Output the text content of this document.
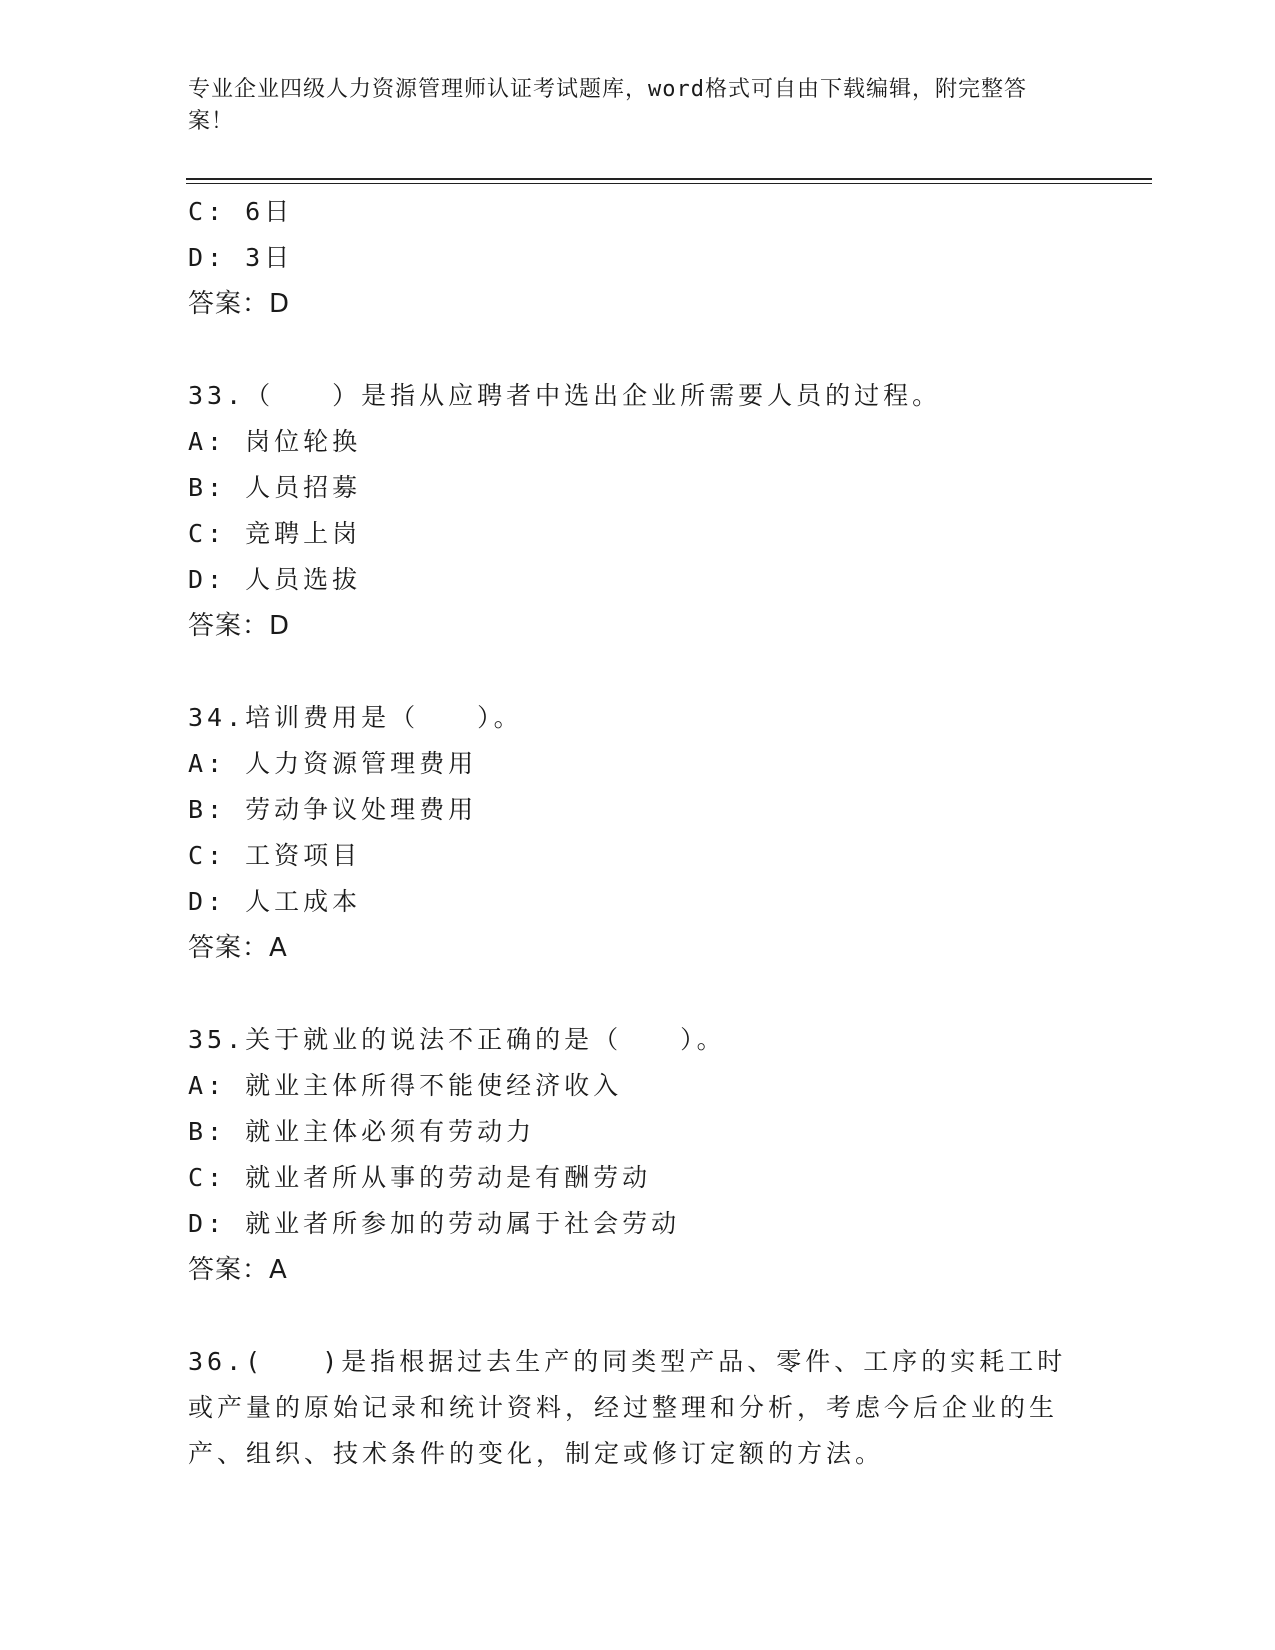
专业企业四级人力资源管理师认证考试题库，word格式可自由下载编辑，附完整答案！
C: 6日
D: 3日
答案：D
33.（　　）是指从应聘者中选出企业所需要人员的过程。
A: 岗位轮换
B: 人员招募
C: 竞聘上岗
D: 人员选拔
答案：D
34.培训费用是（　　）。
A: 人力资源管理费用
B: 劳动争议处理费用
C: 工资项目
D: 人工成本
答案：A
35.关于就业的说法不正确的是（　　）。
A: 就业主体所得不能使经济收入
B: 就业主体必须有劳动力
C: 就业者所从事的劳动是有酬劳动
D: 就业者所参加的劳动属于社会劳动
答案：A
36.(　　)是指根据过去生产的同类型产品、零件、工序的实耗工时或产量的原始记录和统计资料，经过整理和分析，考虑今后企业的生产、组织、技术条件的变化，制定或修订定额的方法。
